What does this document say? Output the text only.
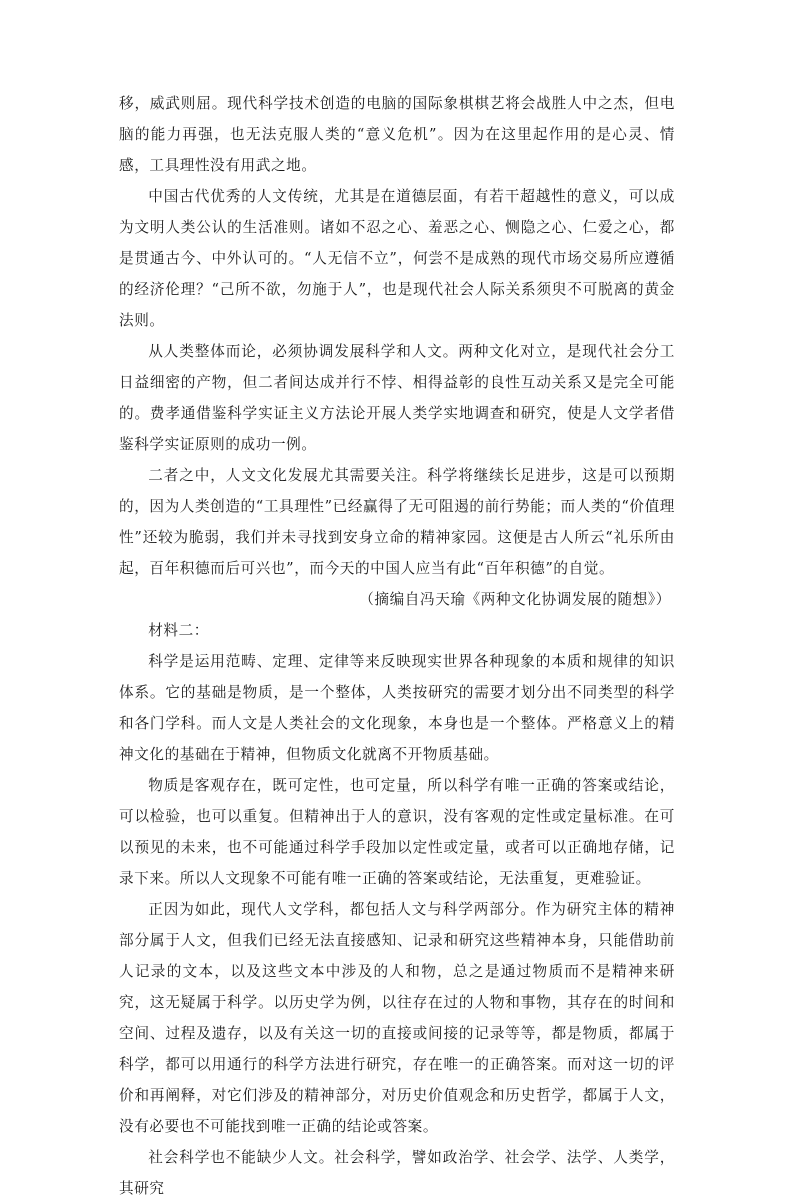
移，威武则屈。现代科学技术创造的电脑的国际象棋棋艺将会战胜人中之杰，但电脑的能力再强，也无法克服人类的“意义危机”。因为在这里起作用的是心灵、情感，工具理性没有用武之地。

中国古代优秀的人文传统，尤其是在道德层面，有若干超越性的意义，可以成为文明人类公认的生活准则。诸如不忍之心、羞恶之心、恻隐之心、仁爱之心，都是贯通古今、中外认可的。“人无信不立”，何尝不是成熟的现代市场交易所应遵循的经济伦理？“己所不欲，勿施于人”，也是现代社会人际关系须臾不可脱离的黄金法则。

从人类整体而论，必须协调发展科学和人文。两种文化对立，是现代社会分工日益细密的产物，但二者间达成并行不悖、相得益彰的良性互动关系又是完全可能的。费孝通借鉴科学实证主义方法论开展人类学实地调查和研究，使是人文学者借鉴科学实证原则的成功一例。

二者之中，人文文化发展尤其需要关注。科学将继续长足进步，这是可以预期的，因为人类创造的“工具理性”已经赢得了无可阻遏的前行势能；而人类的“价值理性”还较为脆弱，我们并未寻找到安身立命的精神家园。这便是古人所云“礼乐所由起，百年积德而后可兴也”，而今天的中国人应当有此“百年积德”的自觉。

（摘编自冯天瑜《两种文化协调发展的随想》）

材料二：

科学是运用范畴、定理、定律等来反映现实世界各种现象的本质和规律的知识体系。它的基础是物质，是一个整体，人类按研究的需要才划分出不同类型的科学和各门学科。而人文是人类社会的文化现象，本身也是一个整体。严格意义上的精神文化的基础在于精神，但物质文化就离不开物质基础。

物质是客观存在，既可定性，也可定量，所以科学有唯一正确的答案或结论，可以检验，也可以重复。但精神出于人的意识，没有客观的定性或定量标准。在可以预见的未来，也不可能通过科学手段加以定性或定量，或者可以正确地存储，记录下来。所以人文现象不可能有唯一正确的答案或结论，无法重复，更难验证。

正因为如此，现代人文学科，都包括人文与科学两部分。作为研究主体的精神部分属于人文，但我们已经无法直接感知、记录和研究这些精神本身，只能借助前人记录的文本，以及这些文本中涉及的人和物，总之是通过物质而不是精神来研究，这无疑属于科学。以历史学为例，以往存在过的人物和事物，其存在的时间和空间、过程及遗存，以及有关这一切的直接或间接的记录等等，都是物质，都属于科学，都可以用通行的科学方法进行研究，存在唯一的正确答案。而对这一切的评价和再阐释，对它们涉及的精神部分，对历史价值观念和历史哲学，都属于人文，没有必要也不可能找到唯一正确的结论或答案。

社会科学也不能缺少人文。社会科学，譬如政治学、社会学、法学、人类学，其研究
